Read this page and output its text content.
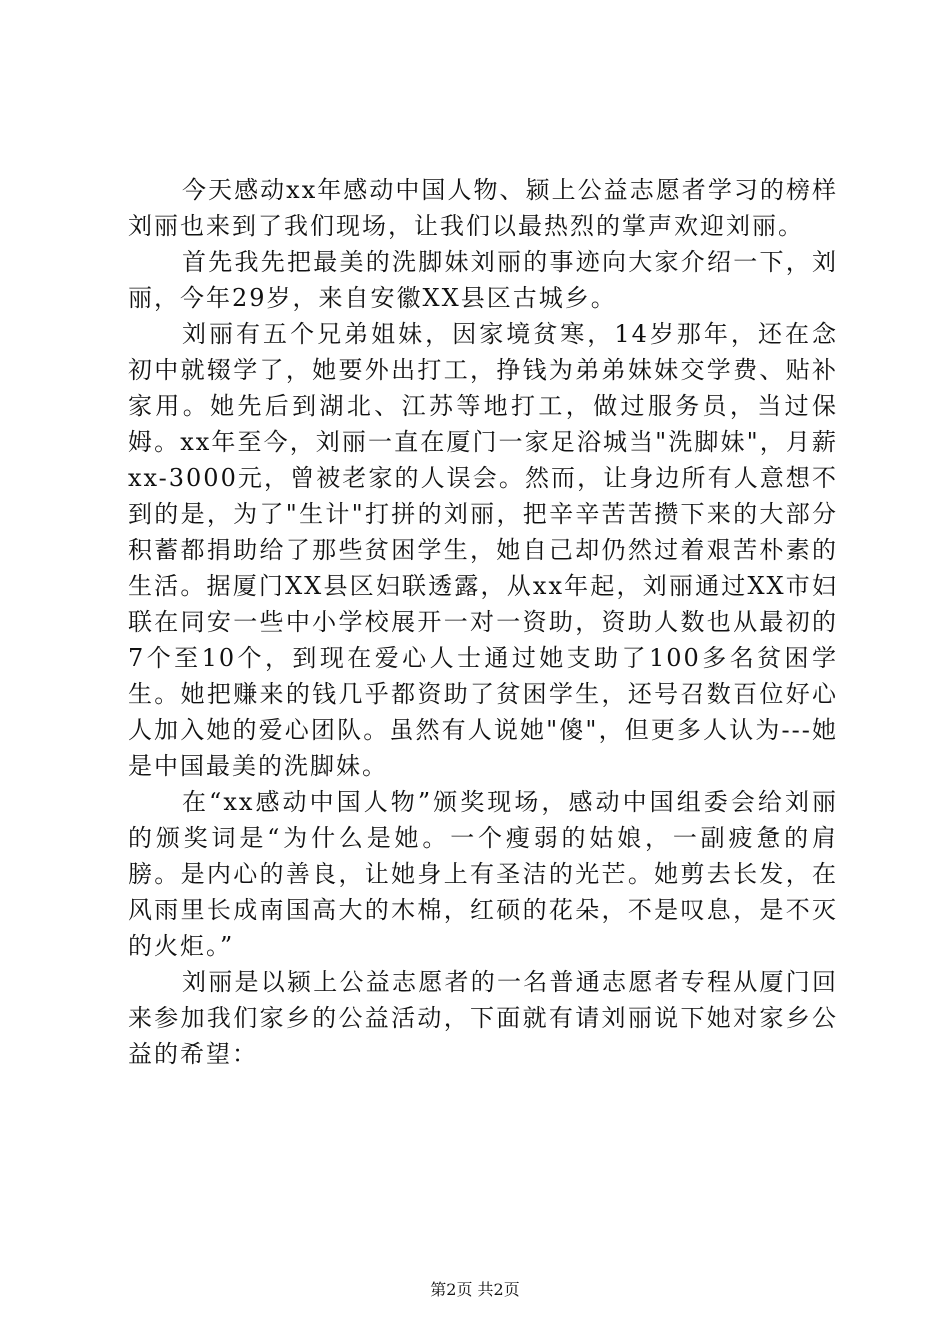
今天感动xx年感动中国人物、颍上公益志愿者学习的榜样刘丽也来到了我们现场，让我们以最热烈的掌声欢迎刘丽。

首先我先把最美的洗脚妹刘丽的事迹向大家介绍一下，刘丽，今年29岁，来自安徽XX县区古城乡。

刘丽有五个兄弟姐妹，因家境贫寒，14岁那年，还在念初中就辍学了，她要外出打工，挣钱为弟弟妹妹交学费、贴补家用。她先后到湖北、江苏等地打工，做过服务员，当过保姆。xx年至今，刘丽一直在厦门一家足浴城当"洗脚妹"，月薪xx-3000元，曾被老家的人误会。然而，让身边所有人意想不到的是，为了"生计"打拼的刘丽，把辛辛苦苦攒下来的大部分积蓄都捐助给了那些贫困学生，她自己却仍然过着艰苦朴素的生活。据厦门XX县区妇联透露，从xx年起，刘丽通过XX市妇联在同安一些中小学校展开一对一资助，资助人数也从最初的7个至10个，到现在爱心人士通过她支助了100多名贫困学生。她把赚来的钱几乎都资助了贫困学生，还号召数百位好心人加入她的爱心团队。虽然有人说她"傻"，但更多人认为---她是中国最美的洗脚妹。

在“xx感动中国人物”颁奖现场，感动中国组委会给刘丽的颁奖词是“为什么是她。一个瘦弱的姑娘，一副疲惫的肩膀。是内心的善良，让她身上有圣洁的光芒。她剪去长发，在风雨里长成南国高大的木棉，红硕的花朵，不是叹息，是不灭的火炬。”

刘丽是以颍上公益志愿者的一名普通志愿者专程从厦门回来参加我们家乡的公益活动，下面就有请刘丽说下她对家乡公益的希望：

第2页 共2页
